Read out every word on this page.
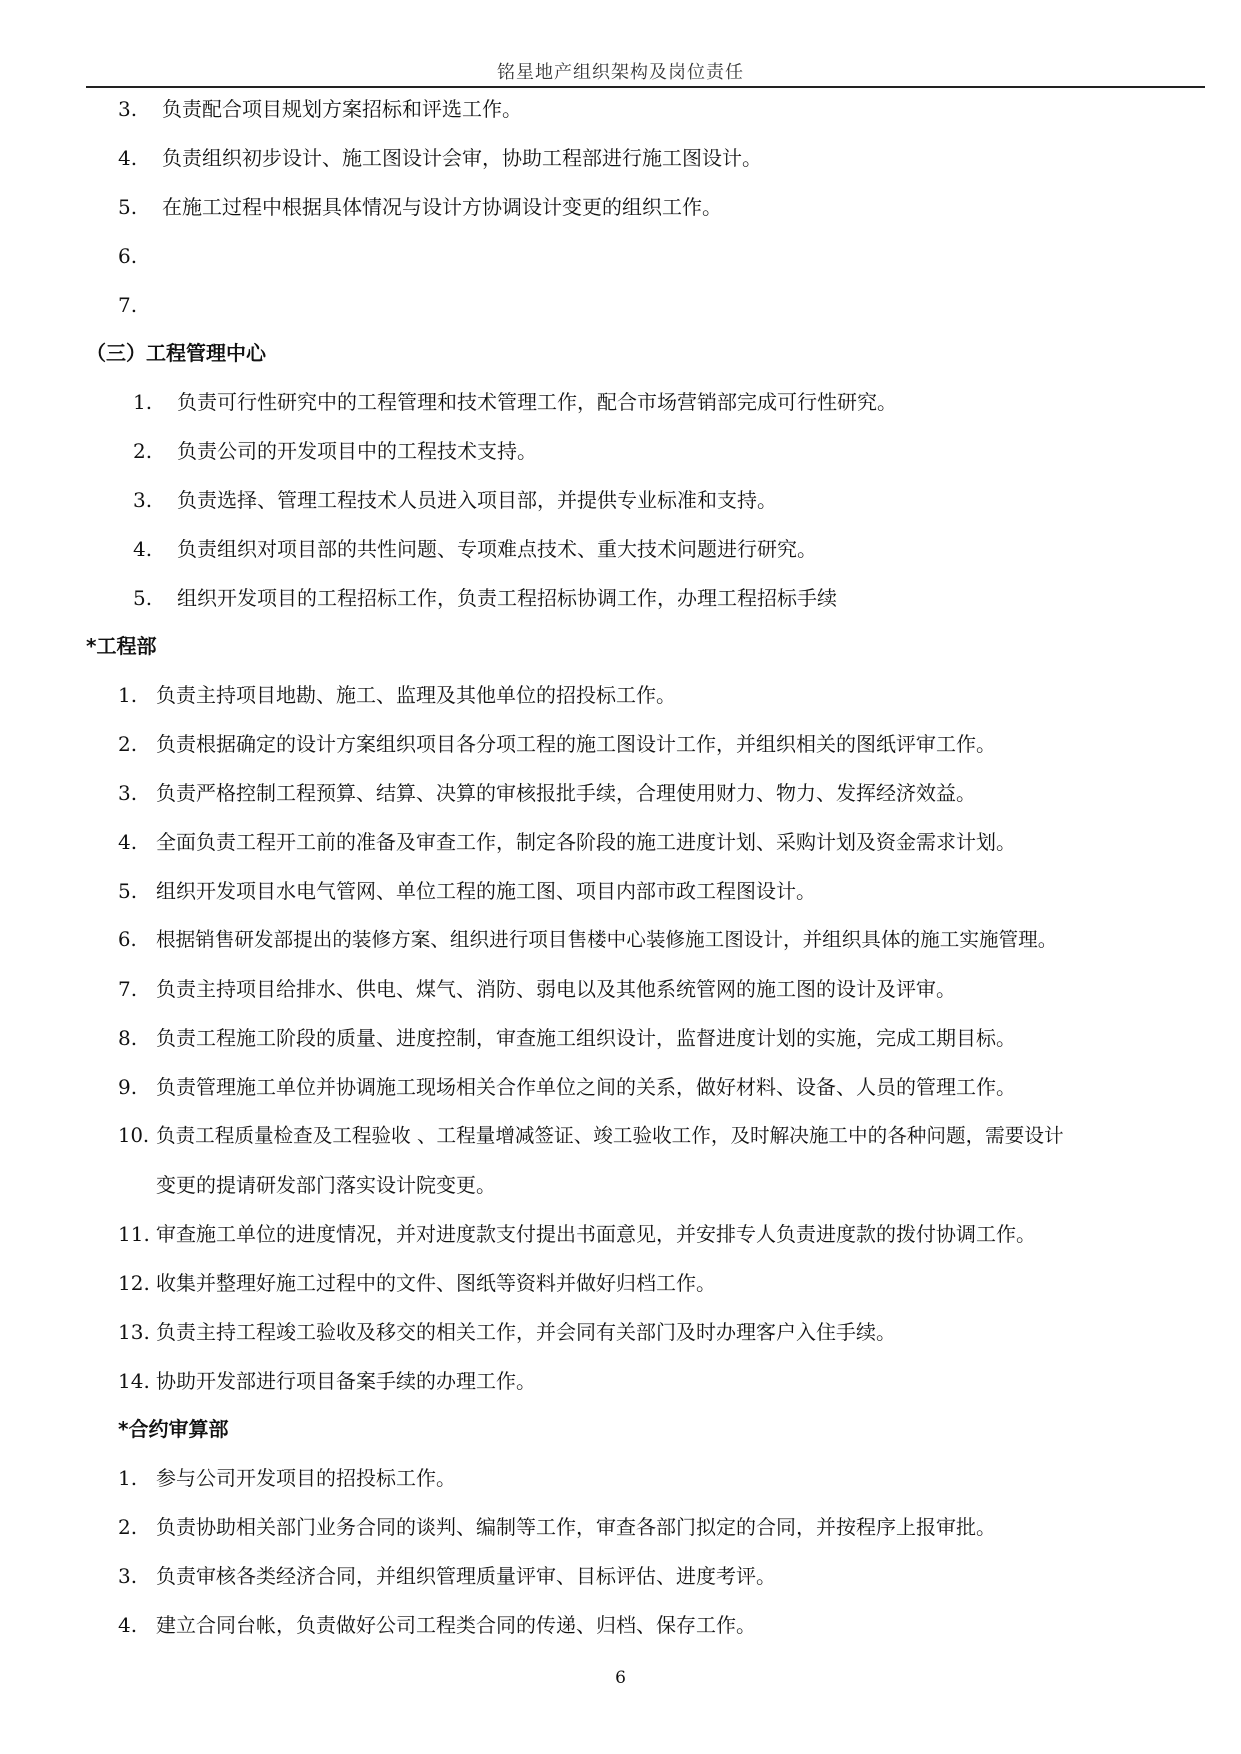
铭星地产组织架构及岗位责任
3. 负责配合项目规划方案招标和评选工作。
4. 负责组织初步设计、施工图设计会审，协助工程部进行施工图设计。
5. 在施工过程中根据具体情况与设计方协调设计变更的组织工作。
6.
7.
（三）工程管理中心
1. 负责可行性研究中的工程管理和技术管理工作，配合市场营销部完成可行性研究。
2. 负责公司的开发项目中的工程技术支持。
3. 负责选择、管理工程技术人员进入项目部，并提供专业标准和支持。
4. 负责组织对项目部的共性问题、专项难点技术、重大技术问题进行研究。
5. 组织开发项目的工程招标工作，负责工程招标协调工作，办理工程招标手续
*工程部
1. 负责主持项目地勘、施工、监理及其他单位的招投标工作。
2. 负责根据确定的设计方案组织项目各分项工程的施工图设计工作，并组织相关的图纸评审工作。
3. 负责严格控制工程预算、结算、决算的审核报批手续，合理使用财力、物力、发挥经济效益。
4. 全面负责工程开工前的准备及审查工作，制定各阶段的施工进度计划、采购计划及资金需求计划。
5. 组织开发项目水电气管网、单位工程的施工图、项目内部市政工程图设计。
6. 根据销售研发部提出的装修方案、组织进行项目售楼中心装修施工图设计，并组织具体的施工实施管理。
7. 负责主持项目给排水、供电、煤气、消防、弱电以及其他系统管网的施工图的设计及评审。
8. 负责工程施工阶段的质量、进度控制，审查施工组织设计，监督进度计划的实施，完成工期目标。
9. 负责管理施工单位并协调施工现场相关合作单位之间的关系，做好材料、设备、人员的管理工作。
10. 负责工程质量检查及工程验收 、工程量增减签证、竣工验收工作，及时解决施工中的各种问题，需要设计
变更的提请研发部门落实设计院变更。
11. 审查施工单位的进度情况，并对进度款支付提出书面意见，并安排专人负责进度款的拨付协调工作。
12. 收集并整理好施工过程中的文件、图纸等资料并做好归档工作。
13. 负责主持工程竣工验收及移交的相关工作，并会同有关部门及时办理客户入住手续。
14. 协助开发部进行项目备案手续的办理工作。
*合约审算部
1. 参与公司开发项目的招投标工作。
2. 负责协助相关部门业务合同的谈判、编制等工作，审查各部门拟定的合同，并按程序上报审批。
3. 负责审核各类经济合同，并组织管理质量评审、目标评估、进度考评。
4. 建立合同台帐，负责做好公司工程类合同的传递、归档、保存工作。
6
